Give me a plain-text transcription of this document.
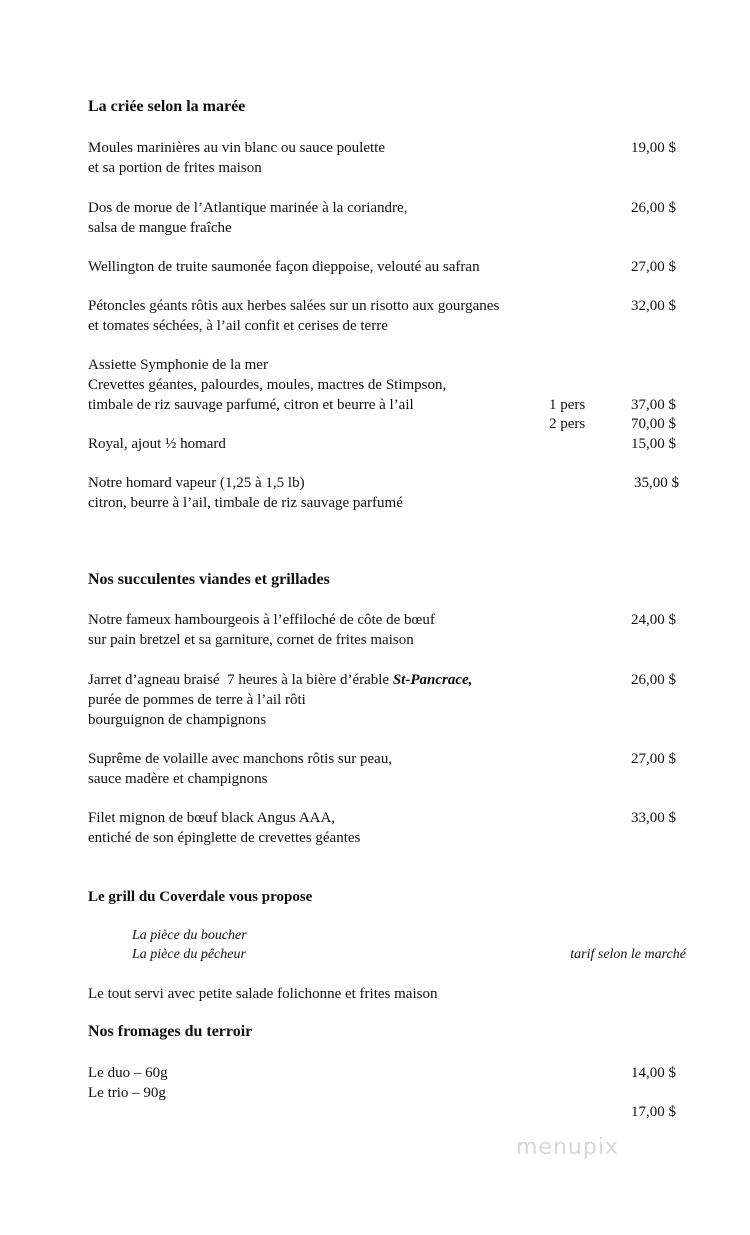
La criée selon la marée
Moules marinières au vin blanc ou sauce poulette
et sa portion de frites maison
19,00 $
Dos de morue de l’Atlantique marinée à la coriandre,
salsa de mangue fraîche
26,00 $
Wellington de truite saumonée façon dieppoise, velouté au safran	27,00 $
Pétoncles géants rôtis aux herbes salées sur un risotto aux gourganes
et tomates séchées, à l’ail confit et cerises de terre
32,00 $
Assiette Symphonie de la mer
Crevettes géantes, palourdes, moules, mactres de Stimpson,
timbale de riz sauvage parfumé, citron et beurre à l’ail	1 pers	37,00 $
2 pers	70,00 $
Royal, ajout ½ homard	15,00 $
Notre homard vapeur (1,25 à 1,5 lb)
citron, beurre à l’ail, timbale de riz sauvage parfumé
35,00 $
Nos succulentes viandes et grillades
Notre fameux hambourgeois à l’effiloché de côte de bœuf
sur pain bretzel et sa garniture, cornet de frites maison
24,00 $
Jarret d’agneau braisé  7 heures à la bière d’érable St-Pancrace,
purée de pommes de terre à l’ail rôti
bourguignon de champignons
26,00 $
Suprême de volaille avec manchons rôtis sur peau,
sauce madère et champignons
27,00 $
Filet mignon de bœuf black Angus AAA,
entiché de son épinglette de crevettes géantes
33,00 $
Le grill du Coverdale vous propose
La pièce du boucher
La pièce du pêcheur	tarif selon le marché
Le tout servi avec petite salade folichonne et frites maison
Nos fromages du terroir
Le duo – 60g	14,00 $
Le trio – 90g
17,00 $
menupix
